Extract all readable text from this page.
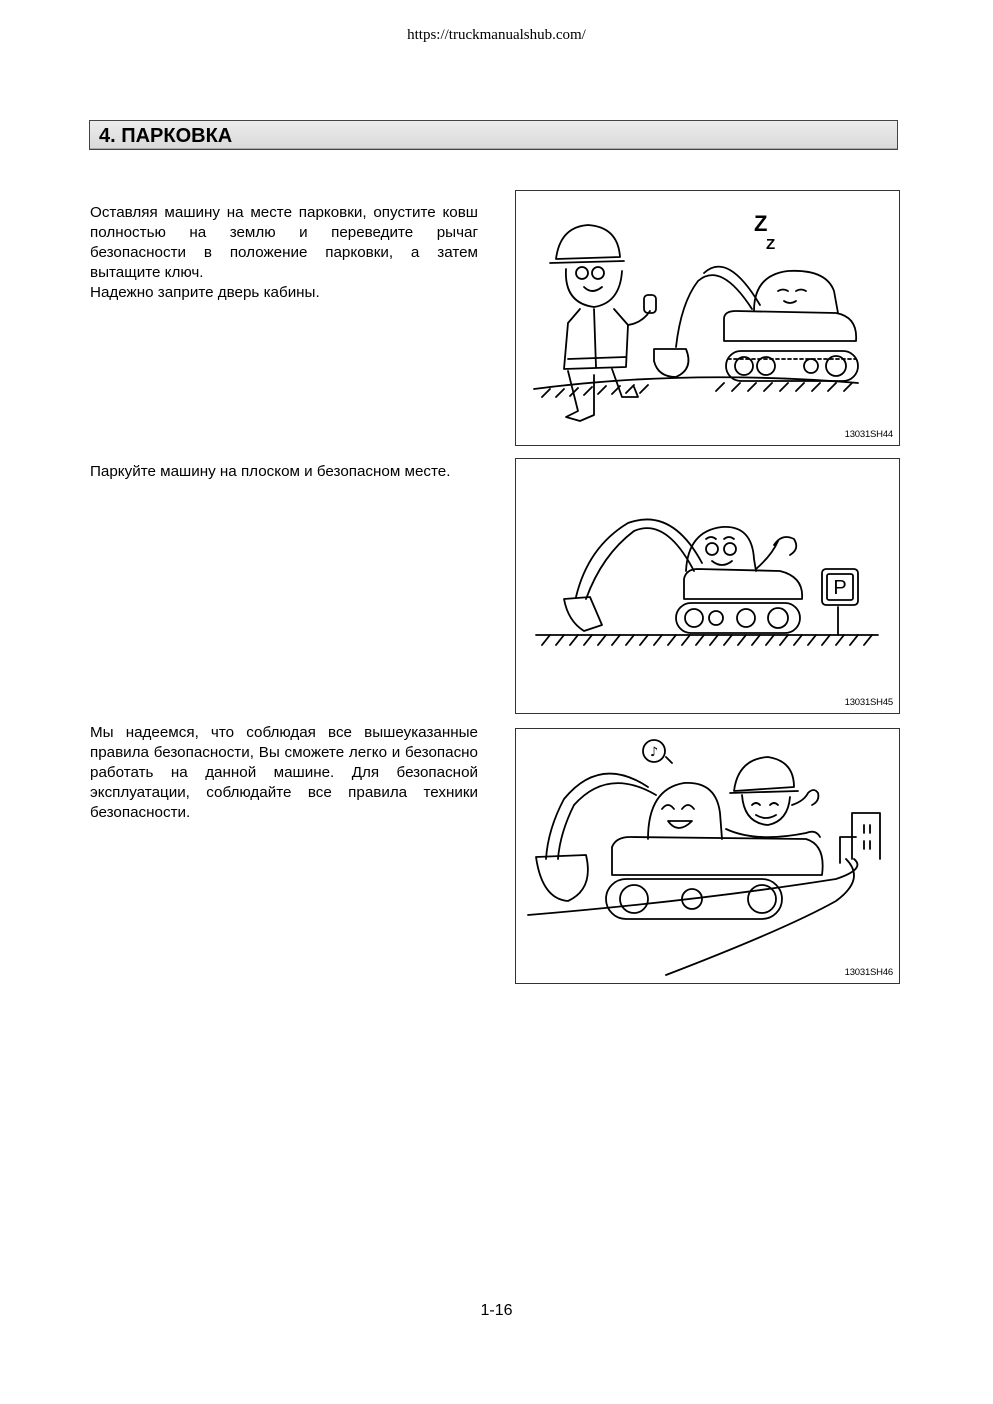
https://truckmanualshub.com/
4. ПАРКОВКА

Оставляя машину на месте парковки, опустите ковш полностью на землю и переведите рычаг безопасности в положение парковки, а затем вытащите ключ.

Надежно заприте дверь кабины.

Z
Z
13031SH44

Паркуйте машину на плоском и безопасном месте.

P
13031SH45

Мы надеемся, что соблюдая все вышеуказанные правила безопасности, Вы сможете легко и безопасно работать на данной машине. Для безопасной эксплуатации, соблюдайте все правила техники безопасности.

♪
13031SH46
1-16
